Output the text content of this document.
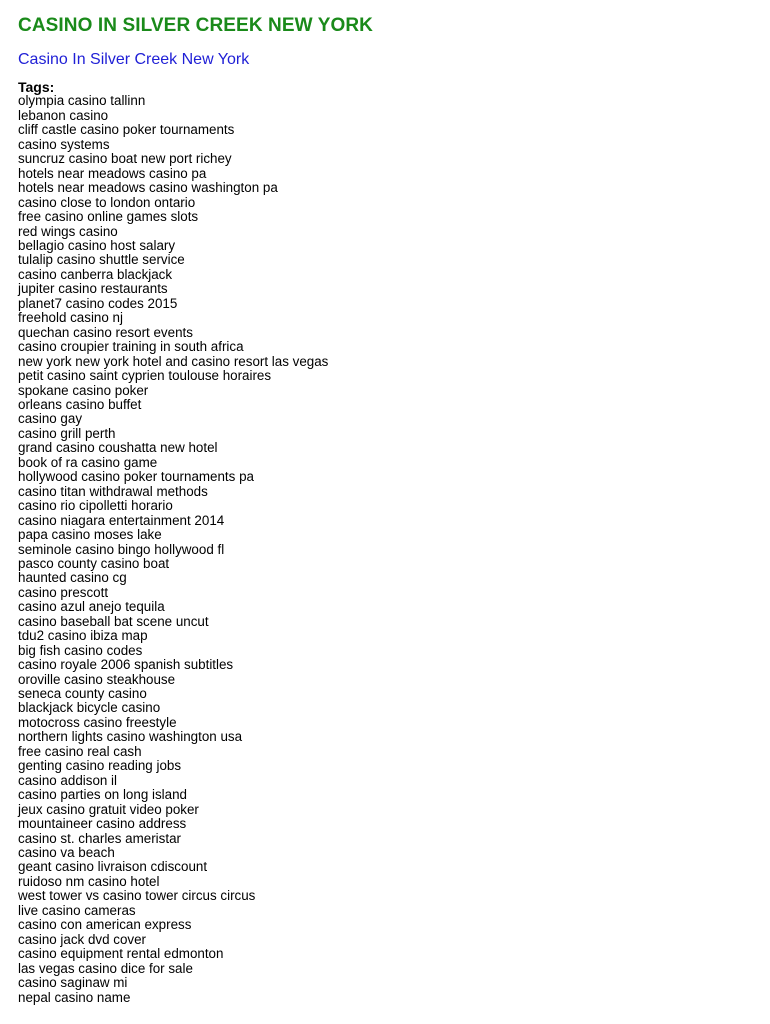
CASINO IN SILVER CREEK NEW YORK
Casino In Silver Creek New York
Tags:
olympia casino tallinn
lebanon casino
cliff castle casino poker tournaments
casino systems
suncruz casino boat new port richey
hotels near meadows casino pa
hotels near meadows casino washington pa
casino close to london ontario
free casino online games slots
red wings casino
bellagio casino host salary
tulalip casino shuttle service
casino canberra blackjack
jupiter casino restaurants
planet7 casino codes 2015
freehold casino nj
quechan casino resort events
casino croupier training in south africa
new york new york hotel and casino resort las vegas
petit casino saint cyprien toulouse horaires
spokane casino poker
orleans casino buffet
casino gay
casino grill perth
grand casino coushatta new hotel
book of ra casino game
hollywood casino poker tournaments pa
casino titan withdrawal methods
casino rio cipolletti horario
casino niagara entertainment 2014
papa casino moses lake
seminole casino bingo hollywood fl
pasco county casino boat
haunted casino cg
casino prescott
casino azul anejo tequila
casino baseball bat scene uncut
tdu2 casino ibiza map
big fish casino codes
casino royale 2006 spanish subtitles
oroville casino steakhouse
seneca county casino
blackjack bicycle casino
motocross casino freestyle
northern lights casino washington usa
free casino real cash
genting casino reading jobs
casino addison il
casino parties on long island
jeux casino gratuit video poker
mountaineer casino address
casino st. charles ameristar
casino va beach
geant casino livraison cdiscount
ruidoso nm casino hotel
west tower vs casino tower circus circus
live casino cameras
casino con american express
casino jack dvd cover
casino equipment rental edmonton
las vegas casino dice for sale
casino saginaw mi
nepal casino name
